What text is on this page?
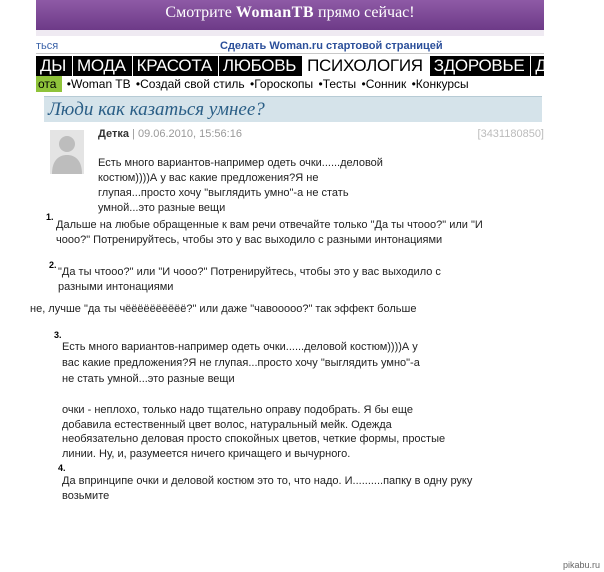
Смотрите WomanTB прямо сейчас!
ться	Сделать Woman.ru стартовой страницей
ДЫ МОДА КРАСОТА ЛЮБОВЬ ПСИХОЛОГИЯ ЗДОРОВЬЕ ДЕ
ота •Woman TB •Создай свой стиль •Гороскопы •Тесты •Сонник •Конкурсы
Люди как казаться умнее?
Детка | 09.06.2010, 15:56:16	[3431180850]
Есть много вариантов-например одеть очки......деловой костюм))))А у вас какие предложения?Я не глупая...просто хочу "выглядить умно"-а не стать умной...это разные вещи
1.
Дальше на любые обращенные к вам речи отвечайте только "Да ты чтооо?" или "И чооо?" Потренируйтесь, чтобы это у вас выходило с разными интонациями
2.
"Да ты чтооо?" или "И чооо?" Потренируйтесь, чтобы это у вас выходило с разными интонациями
не, лучше "да ты чёёёёёёёёёё?" или даже "чавооооо?" так эффект больше
3.
Есть много вариантов-например одеть очки......деловой костюм))))А у вас какие предложения?Я не глупая...просто хочу "выглядить умно"-а не стать умной...это разные вещи
очки - неплохо, только надо тщательно оправу подобрать. Я бы еще добавила естественный цвет волос, натуральный мейк. Одежда необязательно деловая просто спокойных цветов, четкие формы, простые линии. Ну, и, разумеется ничего кричащего и вычурного.
4.
Да впринципе очки и деловой костюм это то, что надо. И..........папку в одну руку возьмите
pikabu.ru
